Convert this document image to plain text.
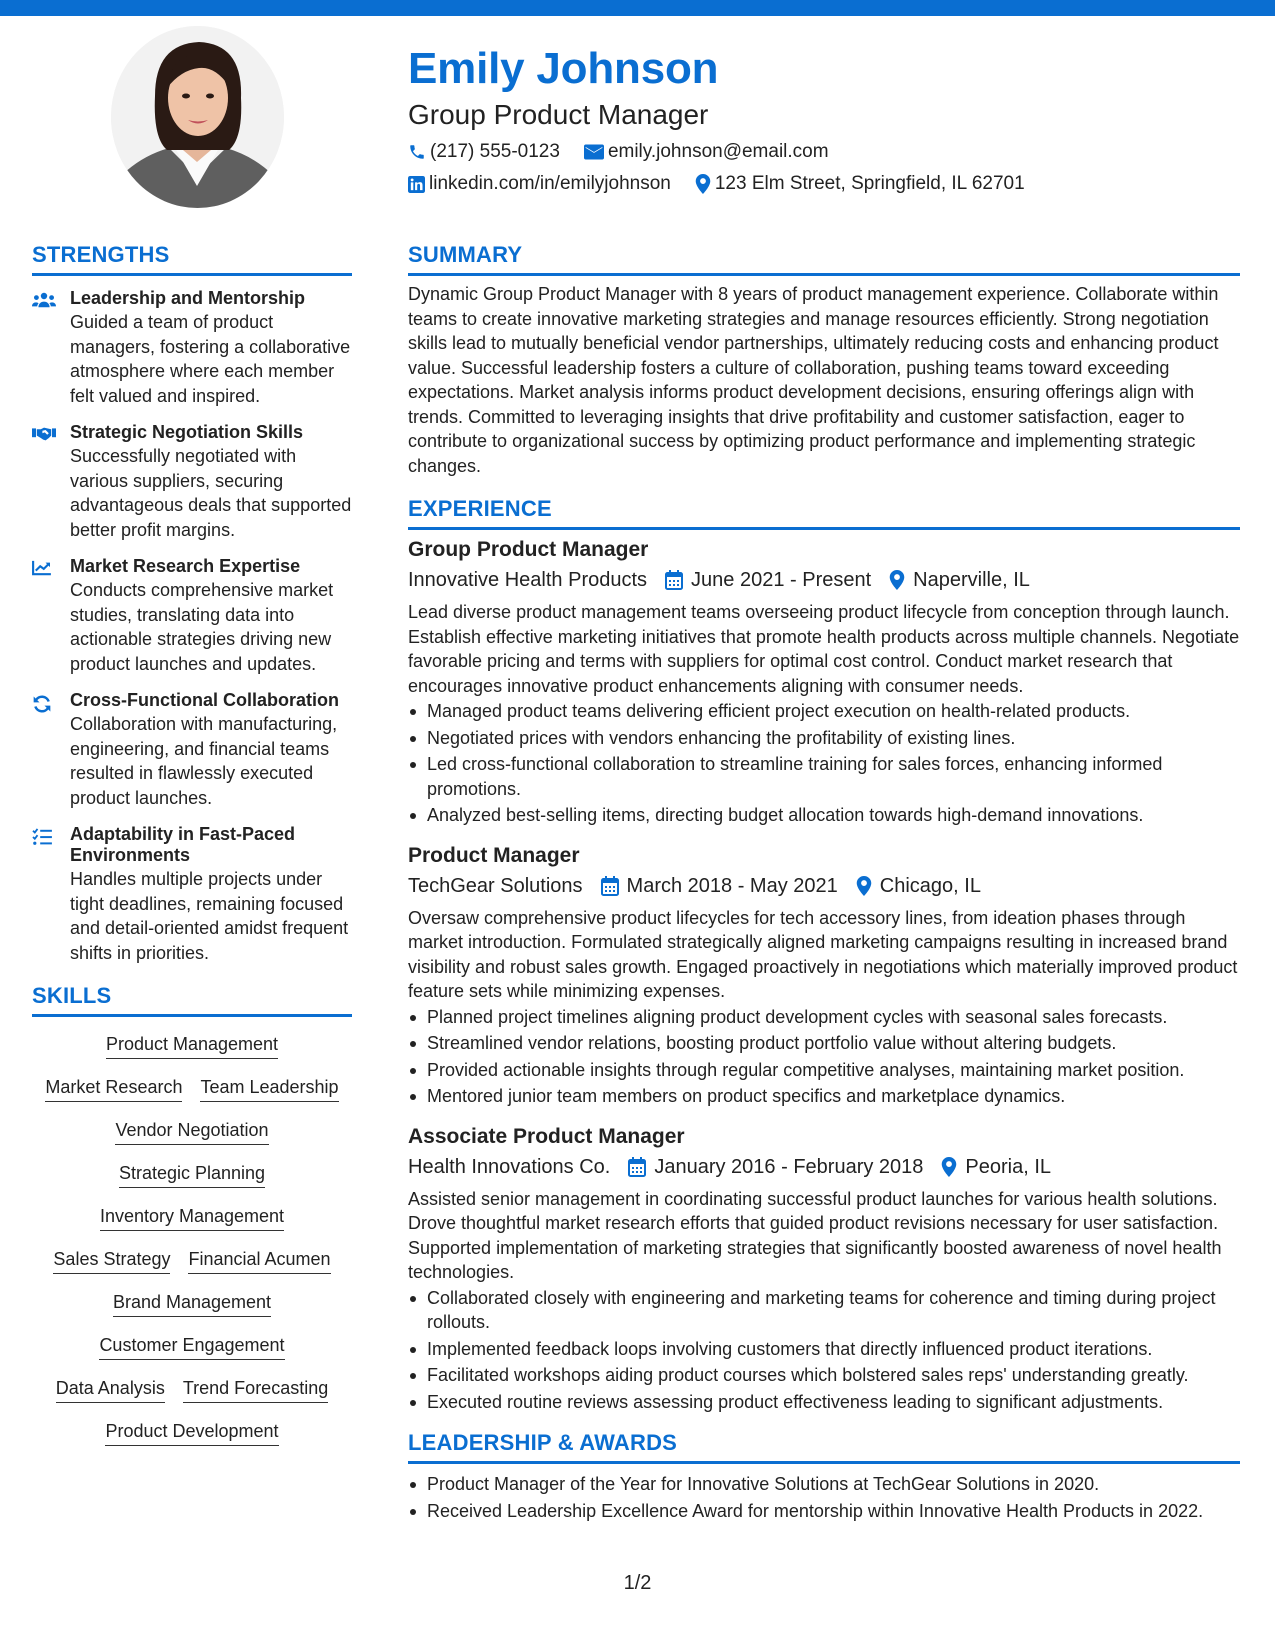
Emily Johnson
Group Product Manager
(217) 555-0123	emily.johnson@email.com
linkedin.com/in/emilyjohnson 123 Elm Street, Springfield, IL 62701
STRENGTHS
Leadership and Mentorship
Guided a team of product managers, fostering a collaborative atmosphere where each member felt valued and inspired.
Strategic Negotiation Skills
Successfully negotiated with various suppliers, securing advantageous deals that supported better profit margins.
Market Research Expertise
Conducts comprehensive market studies, translating data into actionable strategies driving new product launches and updates.
Cross-Functional Collaboration
Collaboration with manufacturing, engineering, and financial teams resulted in flawlessly executed product launches.
Adaptability in Fast-Paced Environments
Handles multiple projects under tight deadlines, remaining focused and detail-oriented amidst frequent shifts in priorities.
SKILLS
Product Management
Market Research Team Leadership
Vendor Negotiation
Strategic Planning
Inventory Management
Sales Strategy Financial Acumen
Brand Management
Customer Engagement
Data Analysis Trend Forecasting
Product Development
SUMMARY
Dynamic Group Product Manager with 8 years of product management experience. Collaborate within teams to create innovative marketing strategies and manage resources efficiently. Strong negotiation skills lead to mutually beneficial vendor partnerships, ultimately reducing costs and enhancing product value. Successful leadership fosters a culture of collaboration, pushing teams toward exceeding expectations. Market analysis informs product development decisions, ensuring offerings align with trends. Committed to leveraging insights that drive profitability and customer satisfaction, eager to contribute to organizational success by optimizing product performance and implementing strategic changes.
EXPERIENCE
Group Product Manager
Innovative Health Products June 2021 - Present Naperville, IL
Lead diverse product management teams overseeing product lifecycle from conception through launch. Establish effective marketing initiatives that promote health products across multiple channels. Negotiate favorable pricing and terms with suppliers for optimal cost control. Conduct market research that encourages innovative product enhancements aligning with consumer needs.
Managed product teams delivering efficient project execution on health-related products.
Negotiated prices with vendors enhancing the profitability of existing lines.
Led cross-functional collaboration to streamline training for sales forces, enhancing informed promotions.
Analyzed best-selling items, directing budget allocation towards high-demand innovations.
Product Manager
TechGear Solutions March 2018 - May 2021 Chicago, IL
Oversaw comprehensive product lifecycles for tech accessory lines, from ideation phases through market introduction. Formulated strategically aligned marketing campaigns resulting in increased brand visibility and robust sales growth. Engaged proactively in negotiations which materially improved product feature sets while minimizing expenses.
Planned project timelines aligning product development cycles with seasonal sales forecasts.
Streamlined vendor relations, boosting product portfolio value without altering budgets.
Provided actionable insights through regular competitive analyses, maintaining market position.
Mentored junior team members on product specifics and marketplace dynamics.
Associate Product Manager
Health Innovations Co. January 2016 - February 2018 Peoria, IL
Assisted senior management in coordinating successful product launches for various health solutions. Drove thoughtful market research efforts that guided product revisions necessary for user satisfaction. Supported implementation of marketing strategies that significantly boosted awareness of novel health technologies.
Collaborated closely with engineering and marketing teams for coherence and timing during project rollouts.
Implemented feedback loops involving customers that directly influenced product iterations.
Facilitated workshops aiding product courses which bolstered sales reps' understanding greatly.
Executed routine reviews assessing product effectiveness leading to significant adjustments.
LEADERSHIP & AWARDS
Product Manager of the Year for Innovative Solutions at TechGear Solutions in 2020.
Received Leadership Excellence Award for mentorship within Innovative Health Products in 2022.
1/2
